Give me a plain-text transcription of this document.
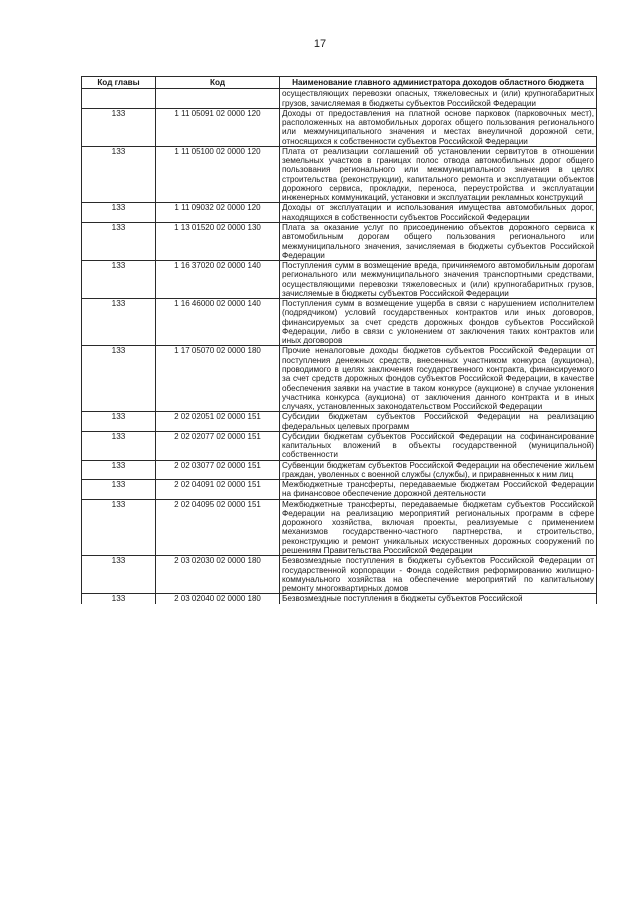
17
Код главы	Код	Наименование главного администратора доходов областного бюджета
		осуществляющих перевозки опасных, тяжеловесных и (или) крупногабаритных грузов, зачисляемая в бюджеты субъектов Российской Федерации
133	1 11 05091 02 0000 120	Доходы от предоставления на платной основе парковок (парковочных мест), расположенных на автомобильных дорогах общего пользования регионального или межмуниципального значения и местах внеуличной дорожной сети, относящихся к собственности субъектов Российской Федерации
133	1 11 05100 02 0000 120	Плата от реализации соглашений об установлении сервитутов в отношении земельных участков в границах полос отвода автомобильных дорог общего пользования регионального или межмуниципального значения в целях строительства (реконструкции), капитального ремонта и эксплуатации объектов дорожного сервиса, прокладки, переноса, переустройства и эксплуатации инженерных коммуникаций, установки и эксплуатации рекламных конструкций
133	1 11 09032 02 0000 120	Доходы от эксплуатации и использования имущества автомобильных дорог, находящихся в собственности субъектов Российской Федерации
133	1 13 01520 02 0000 130	Плата за оказание услуг по присоединению объектов дорожного сервиса к автомобильным дорогам общего пользования регионального или межмуниципального значения, зачисляемая в бюджеты субъектов Российской Федерации
133	1 16 37020 02 0000 140	Поступления сумм в возмещение вреда, причиняемого автомобильным дорогам регионального или межмуниципального значения транспортными средствами, осуществляющими перевозки тяжеловесных и (или) крупногабаритных грузов, зачисляемые в бюджеты субъектов Российской Федерации
133	1 16 46000 02 0000 140	Поступления сумм в возмещение ущерба в связи с нарушением исполнителем (подрядчиком) условий государственных контрактов или иных договоров, финансируемых за счет средств дорожных фондов субъектов Российской Федерации, либо в связи с уклонением от заключения таких контрактов или иных договоров
133	1 17 05070 02 0000 180	Прочие неналоговые доходы бюджетов субъектов Российской Федерации от поступления денежных средств, внесенных участником конкурса (аукциона), проводимого в целях заключения государственного контракта, финансируемого за счет средств дорожных фондов субъектов Российской Федерации, в качестве обеспечения заявки на участие в таком конкурсе (аукционе) в случае уклонения участника конкурса (аукциона) от заключения данного контракта и в иных случаях, установленных законодательством Российской Федерации
133	2 02 02051 02 0000 151	Субсидии бюджетам субъектов Российской Федерации на реализацию федеральных целевых программ
133	2 02 02077 02 0000 151	Субсидии бюджетам субъектов Российской Федерации на софинансирование капитальных вложений в объекты государственной (муниципальной) собственности
133	2 02 03077 02 0000 151	Субвенции бюджетам субъектов Российской Федерации на обеспечение жильем граждан, уволенных с военной службы (службы), и приравненных к ним лиц
133	2 02 04091 02 0000 151	Межбюджетные трансферты, передаваемые бюджетам Российской Федерации на финансовое обеспечение дорожной деятельности
133	2 02 04095 02 0000 151	Межбюджетные трансферты, передаваемые бюджетам субъектов Российской Федерации на реализацию мероприятий региональных программ в сфере дорожного хозяйства, включая проекты, реализуемые с применением механизмов государственно-частного партнерства, и строительство, реконструкцию и ремонт уникальных искусственных дорожных сооружений по решениям Правительства Российской Федерации
133	2 03 02030 02 0000 180	Безвозмездные поступления в бюджеты субъектов Российской Федерации от государственной корпорации - Фонда содействия реформированию жилищно-коммунального хозяйства на обеспечение мероприятий по капитальному ремонту многоквартирных домов
133	2 03 02040 02 0000 180	Безвозмездные поступления в бюджеты субъектов Российской
